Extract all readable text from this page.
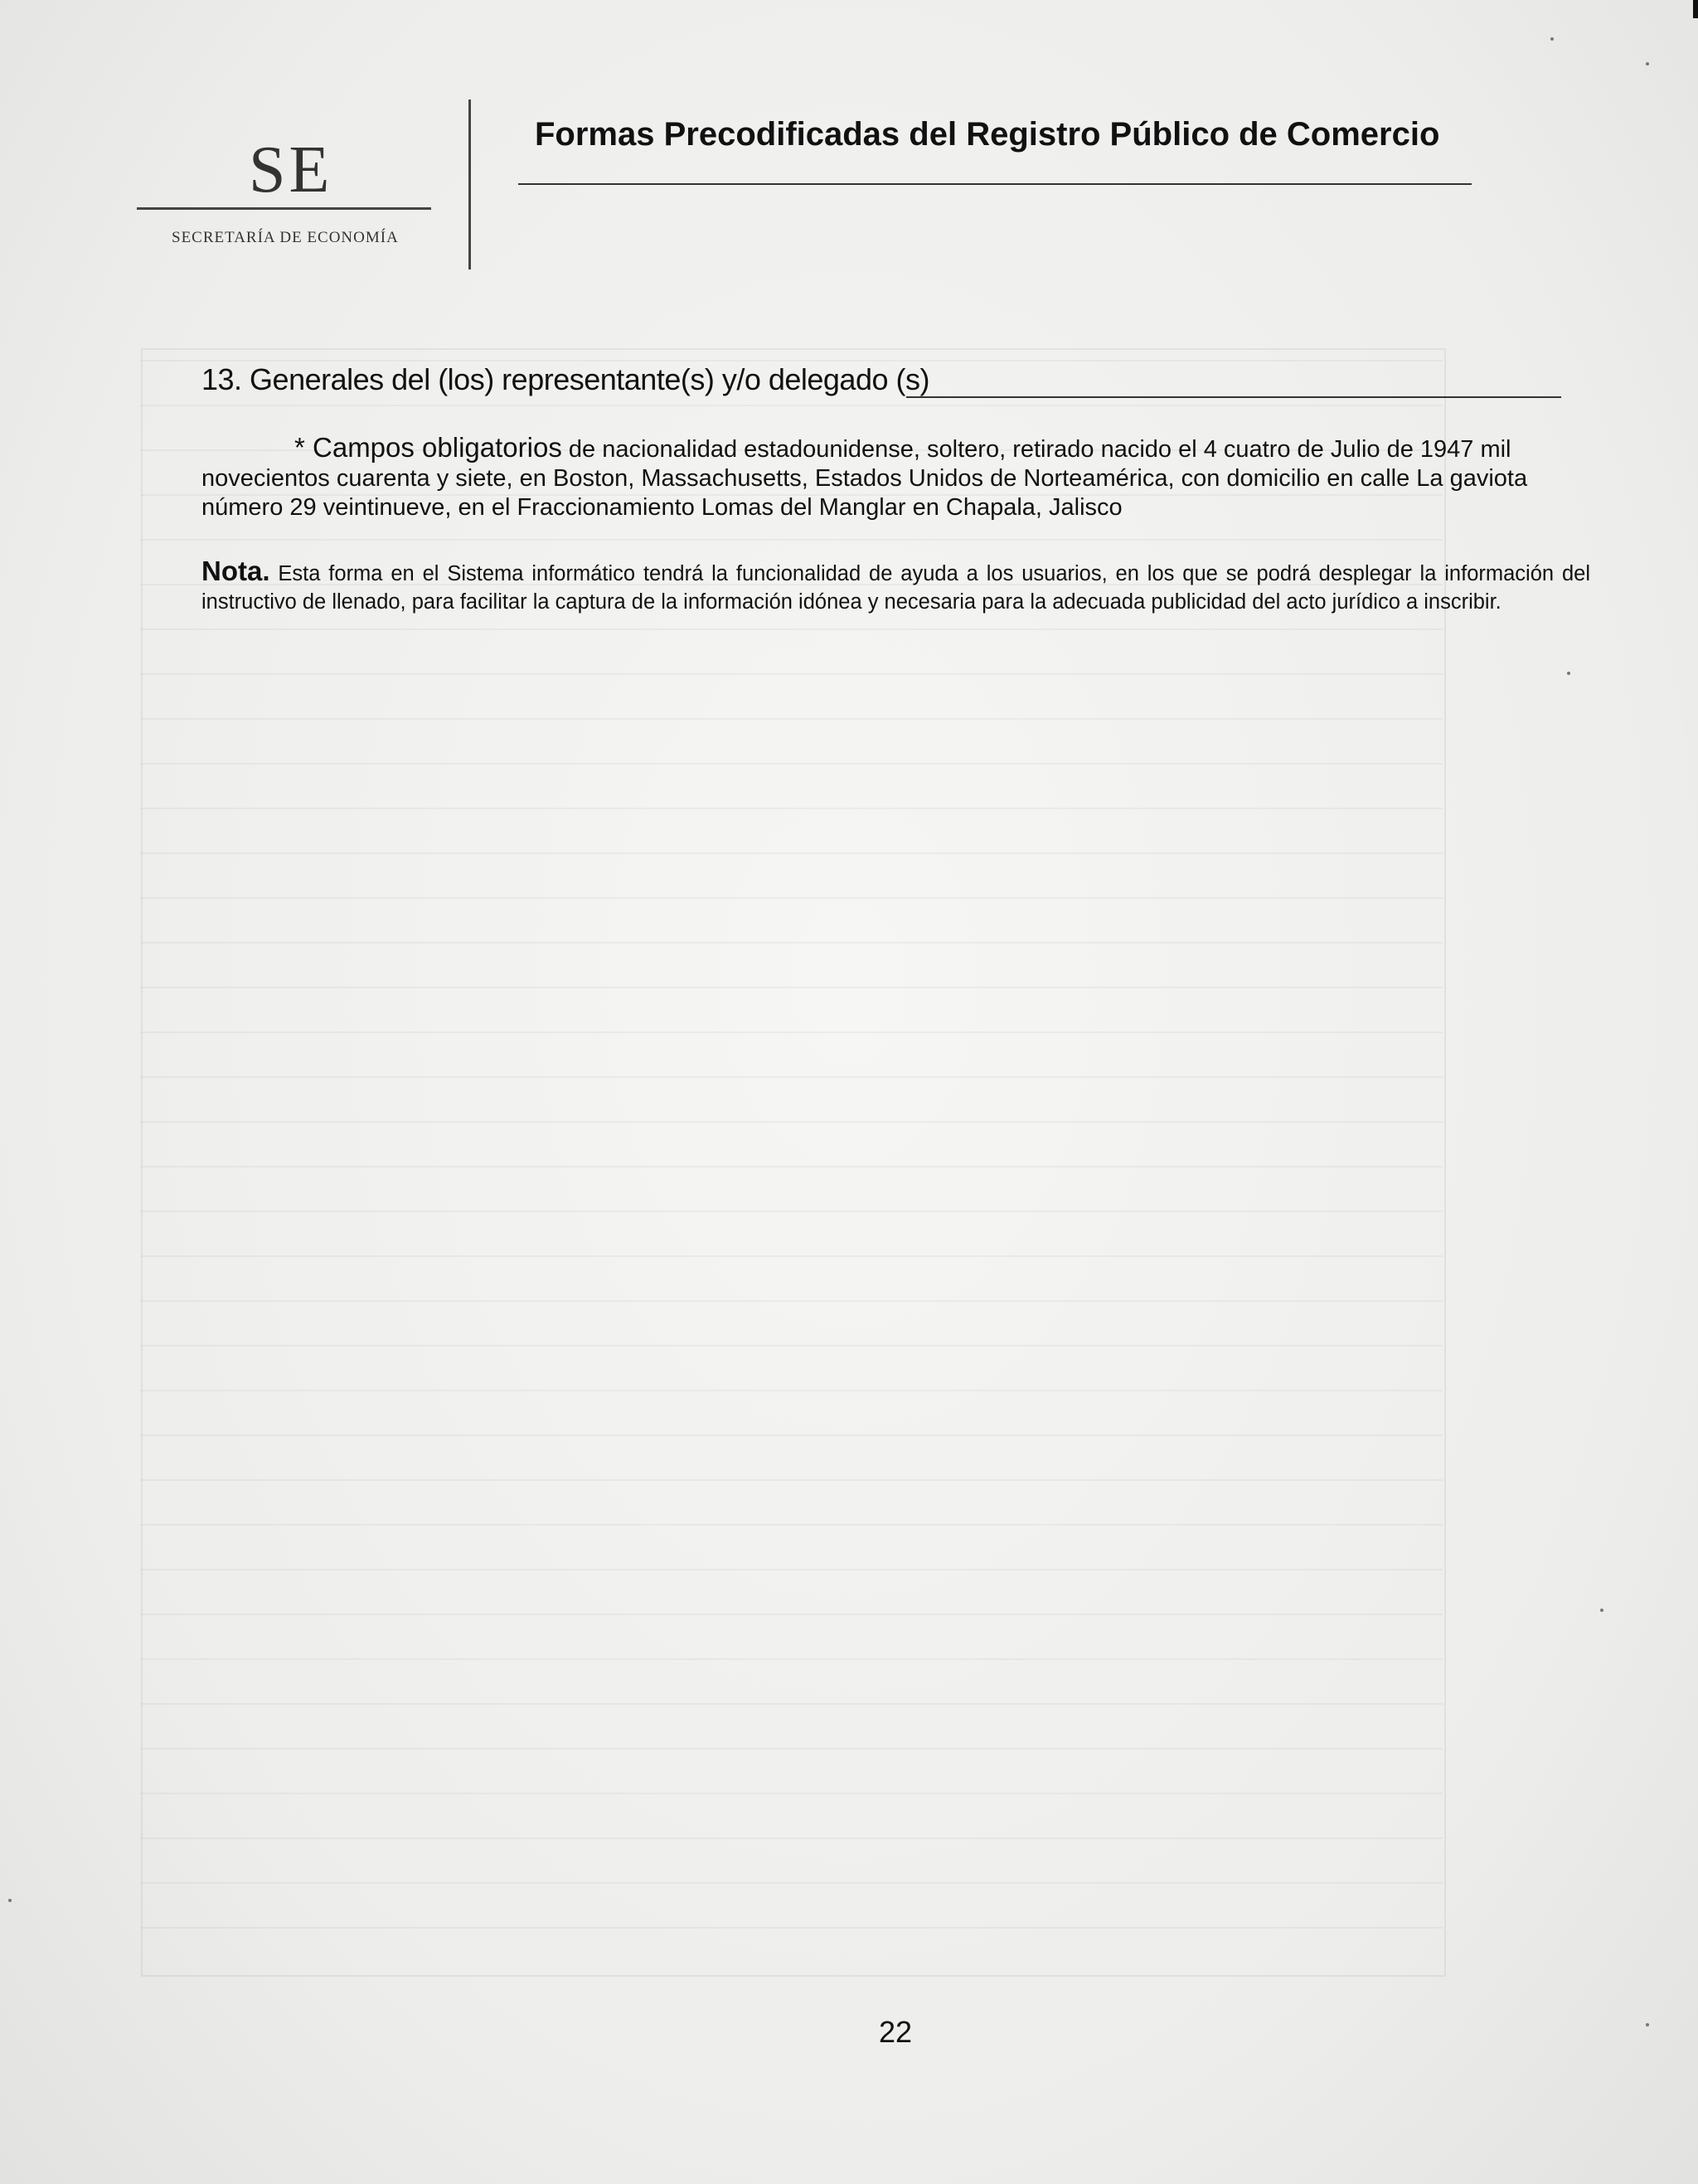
SE
SECRETARÍA DE ECONOMÍA
Formas Precodificadas del Registro Público de Comercio
13. Generales del (los) representante(s) y/o delegado (s)
* Campos obligatorios de nacionalidad estadounidense, soltero, retirado nacido el 4 cuatro de Julio de 1947 mil novecientos cuarenta y siete, en Boston, Massachusetts, Estados Unidos de Norteamérica, con domicilio en calle La gaviota número 29 veintinueve, en el Fraccionamiento Lomas del Manglar en Chapala, Jalisco
Nota. Esta forma en el Sistema informático tendrá la funcionalidad de ayuda a los usuarios, en los que se podrá desplegar la información del instructivo de llenado, para facilitar la captura de la información idónea y necesaria para la adecuada publicidad del acto jurídico a inscribir.
22
